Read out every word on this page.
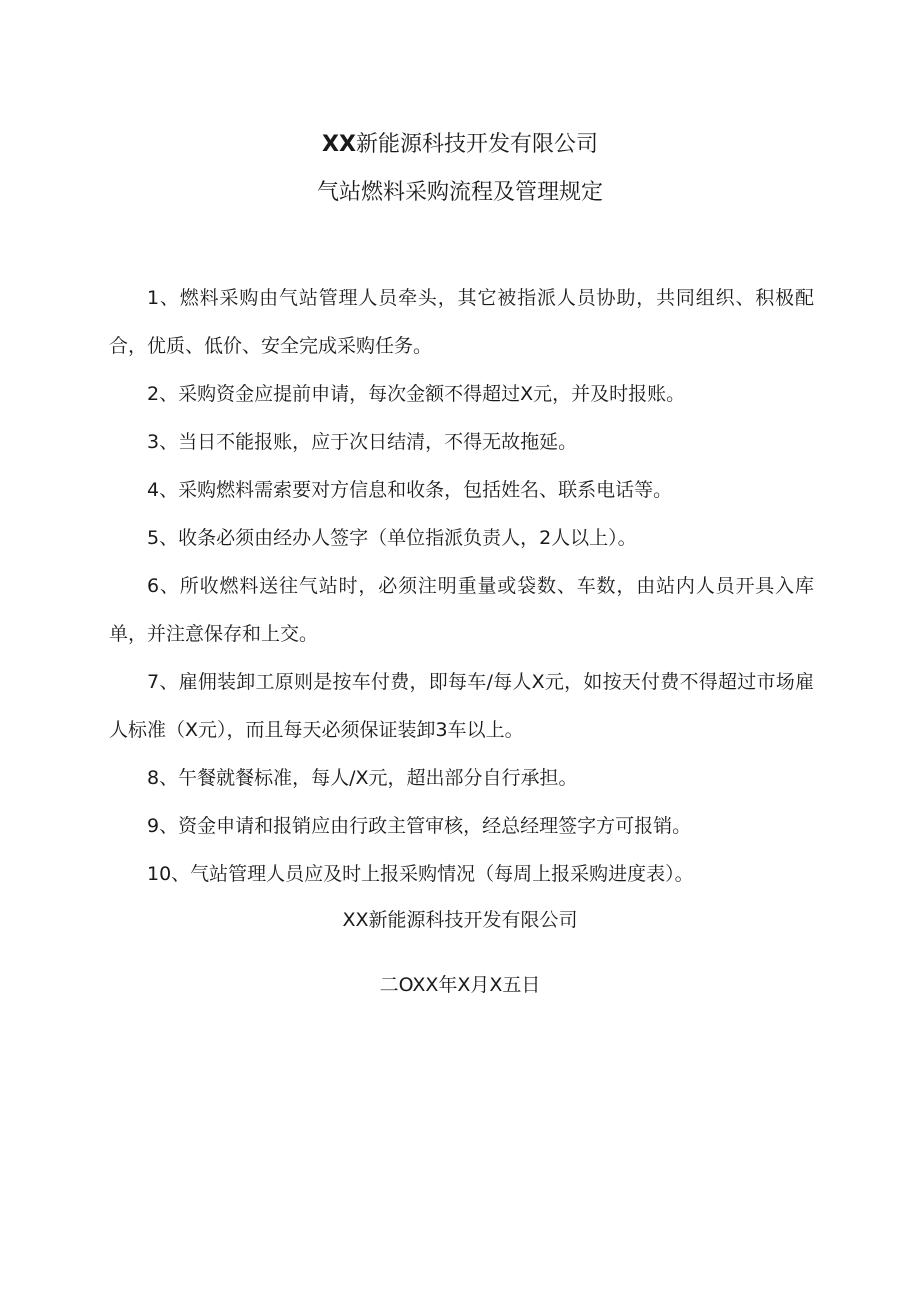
XX新能源科技开发有限公司
气站燃料采购流程及管理规定

1、燃料采购由气站管理人员牵头，其它被指派人员协助，共同组织、积极配合，优质、低价、安全完成采购任务。

2、采购资金应提前申请，每次金额不得超过X元，并及时报账。

3、当日不能报账，应于次日结清，不得无故拖延。

4、采购燃料需索要对方信息和收条，包括姓名、联系电话等。

5、收条必须由经办人签字（单位指派负责人，2人以上）。

6、所收燃料送往气站时，必须注明重量或袋数、车数，由站内人员开具入库单，并注意保存和上交。

7、雇佣装卸工原则是按车付费，即每车/每人X元，如按天付费不得超过市场雇人标准（X元），而且每天必须保证装卸3车以上。

8、午餐就餐标准，每人/X元，超出部分自行承担。

9、资金申请和报销应由行政主管审核，经总经理签字方可报销。

10、气站管理人员应及时上报采购情况（每周上报采购进度表）。

XX新能源科技开发有限公司
二OXX年X月X五日
